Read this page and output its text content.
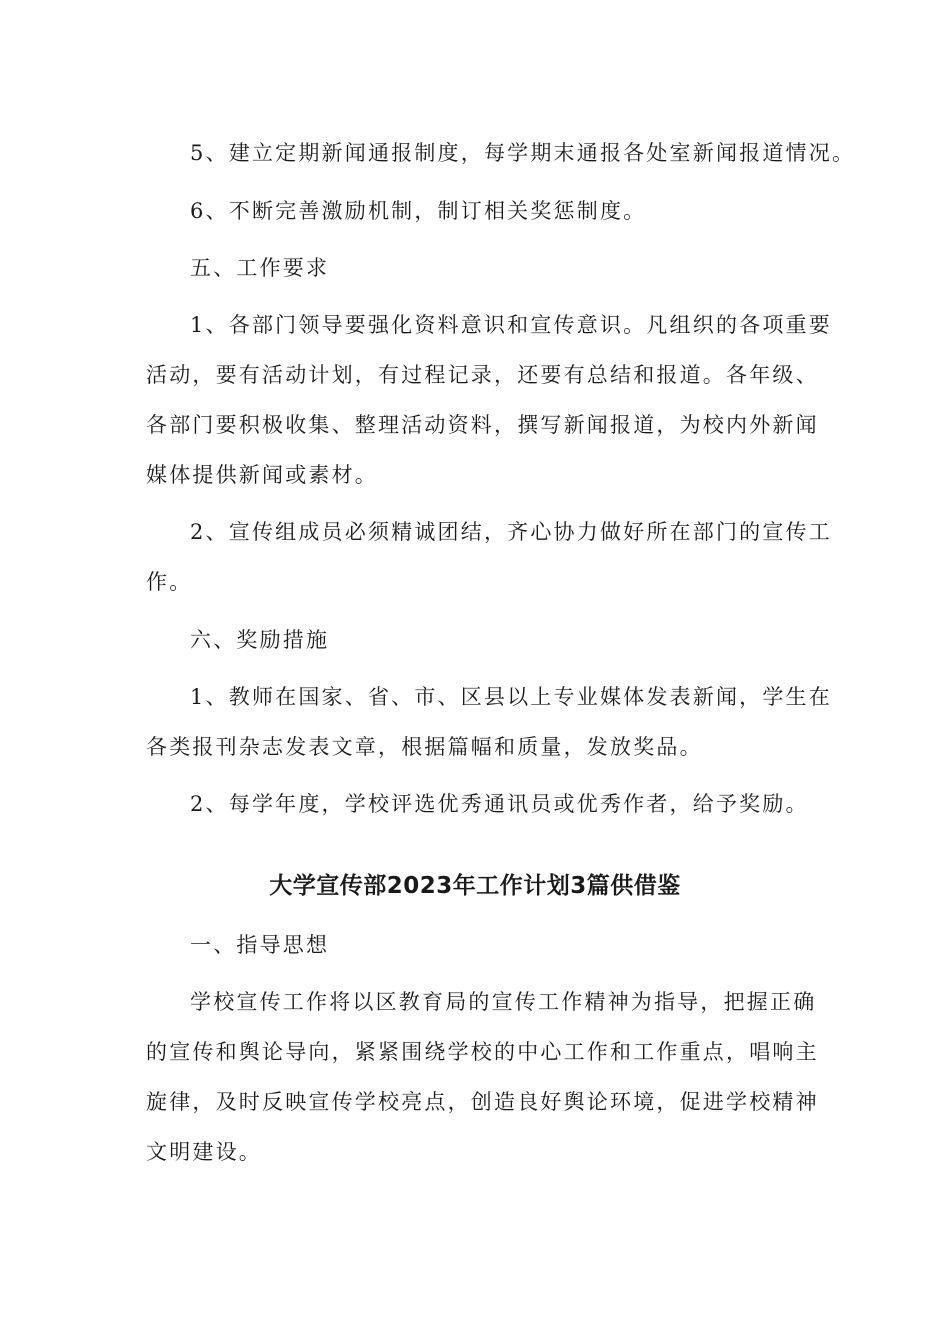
5、建立定期新闻通报制度，每学期末通报各处室新闻报道情况。
6、不断完善激励机制，制订相关奖惩制度。
五、工作要求
1、各部门领导要强化资料意识和宣传意识。凡组织的各项重要
活动，要有活动计划，有过程记录，还要有总结和报道。各年级、
各部门要积极收集、整理活动资料，撰写新闻报道，为校内外新闻
媒体提供新闻或素材。
2、宣传组成员必须精诚团结，齐心协力做好所在部门的宣传工
作。
六、奖励措施
1、教师在国家、省、市、区县以上专业媒体发表新闻，学生在
各类报刊杂志发表文章，根据篇幅和质量，发放奖品。
2、每学年度，学校评选优秀通讯员或优秀作者，给予奖励。
大学宣传部2023年工作计划3篇供借鉴
一、指导思想
学校宣传工作将以区教育局的宣传工作精神为指导，把握正确
的宣传和舆论导向，紧紧围绕学校的中心工作和工作重点，唱响主
旋律，及时反映宣传学校亮点，创造良好舆论环境，促进学校精神
文明建设。
